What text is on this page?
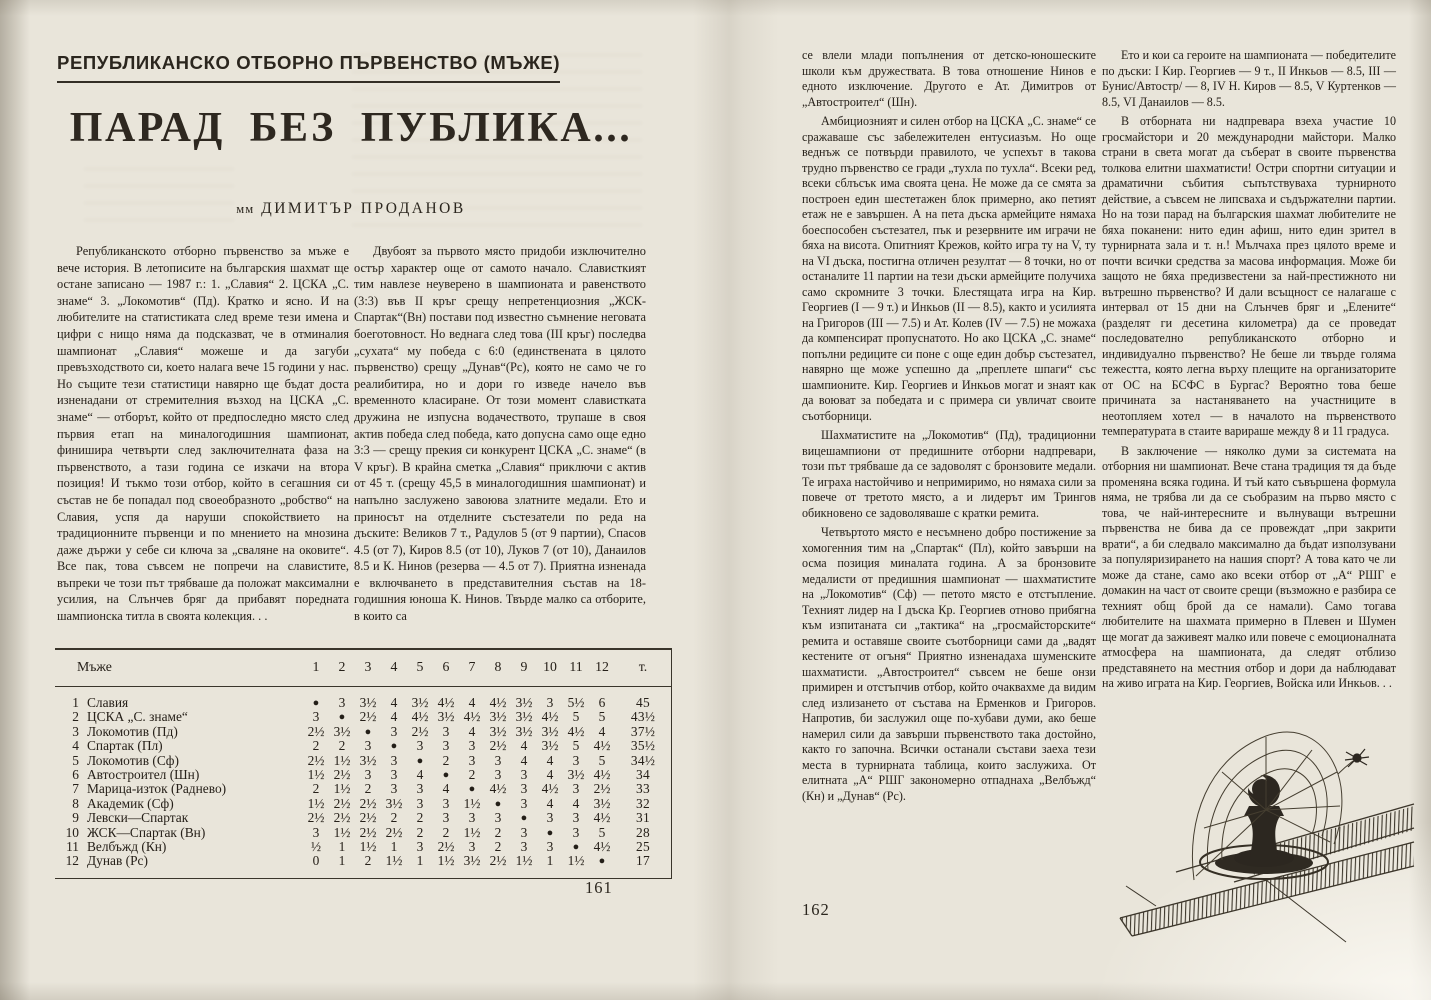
РЕПУБЛИКАНСКО ОТБОРНО ПЪРВЕНСТВО (МЪЖЕ)
ПАРАД БЕЗ ПУБЛИКА...
мм ДИМИТЪР ПРОДАНОВ

Републиканското отборно първенство за мъже е вече история. В летописите на българския шахмат ще остане записано — 1987 г.: 1. „Славия“ 2. ЦСКА „С. знаме“ 3. „Локомотив“ (Пд). Кратко и ясно. И на любителите на статистиката след време тези имена и цифри с нищо няма да подсказват, че в отминалия шампионат „Славия“ можеше и да загуби превъзходството си, което налага вече 15 години у нас. Но същите тези статистици навярно ще бъдат доста изненадани от стремителния възход на ЦСКА „С. знаме“ — отборът, който от предпоследно място след първия етап на миналогодишния шампионат, финишира четвърти след заключителната фаза на първенството, а тази година се изкачи на втора позиция! И тъкмо този отбор, който в сегашния си състав не бе попадал под своеобразното „робство“ на Славия, успя да наруши спокойствието на традиционните първенци и по мнението на мнозина даже държи у себе си ключа за „сваляне на оковите“. Все пак, това съвсем не попречи на славистите, въпреки че този път трябваше да положат максимални усилия, на Слънчев бряг да прибавят поредната шампионска титла в своята колекция. . .

Двубоят за първото място придоби изключително остър характер още от самото начало. Слависткият тим навлезе неуверено в шампионата и равенството (3:3) във II кръг срещу непретенциозния „ЖСК-Спартак“(Вн) постави под известно съмнение неговата боеготовност. Но веднага след това (III кръг) последва „сухата“ му победа с 6:0 (единствената в цялото първенство) срещу „Дунав“(Рс), която не само че го реалибитира, но и дори го изведе начело във временното класиране. От този момент славистката дружина не изпусна водачеството, трупаше в своя актив победа след победа, като допусна само още едно 3:3 — срещу прекия си конкурент ЦСКА „С. знаме“ (в V кръг). В крайна сметка „Славия“ приключи с актив от 45 т. (срещу 45,5 в миналогодишния шампионат) и напълно заслужено завоюва златните медали. Ето и приносът на отделните състезатели по реда на дъските: Великов 7 т., Радулов 5 (от 9 партии), Спасов 4.5 (от 7), Киров 8.5 (от 10), Луков 7 (от 10), Данаилов 8.5 и К. Нинов (резерва — 4.5 от 7). Приятна изненада е включването в представителния състав на 18-годишния юноша К. Нинов. Твърде малко са отборите, в които са

Мъже	1	2	3	4	5	6	7	8	9	10	11	12	т.
1 Славия	●	3	3½	4	3½	4½	4	4½	3½	3	5½	6	45
2 ЦСКА „С. знаме“	3	●	2½	4	4½	3½	4½	3½	3½	4½	5	5	43½
3 Локомотив (Пд)	2½	3½	●	3	2½	3	4	3½	3½	3½	4½	4	37½
4 Спартак (Пл)	2	2	3	●	3	3	3	2½	4	3½	5	4½	35½
5 Локомотив (Сф)	2½	1½	3½	3	●	2	3	3	4	4	3	5	34½
6 Автостроител (Шн)	1½	2½	3	3	4	●	2	3	3	4	3½	4½	34
7 Марица-изток (Раднево)	2	1½	2	3	3	4	●	4½	3	4½	3	2½	33
8 Академик (Сф)	1½	2½	2½	3½	3	3	1½	●	3	4	4	3½	32
9 Левски—Спартак	2½	2½	2½	2	2	3	3	3	●	3	3	4½	31
10 ЖСК—Спартак (Вн)	3	1½	2½	2½	2	2	1½	2	3	●	3	5	28
11 Велбъжд (Кн)	½	1	1½	1	3	2½	3	2	3	3	●	4½	25
12 Дунав (Рс)	0	1	2	1½	1	1½	3½	2½	1½	1	1½	●	17
161

се влели млади попълнения от детско-юношеските школи към дружествата. В това отношение Нинов е едното изключение. Другото е Ат. Димитров от „Автостроител“ (Шн).

Амбициозният и силен отбор на ЦСКА „С. знаме“ се сражаваше със забележителен ентусиазъм. Но още веднъж се потвърди правилото, че успехът в такова трудно първенство се гради „тухла по тухла“. Всеки ред, всеки сблъсък има своята цена. Не може да се смята за построен един шестетажен блок примерно, ако петият етаж не е завършен. А на пета дъска армейците нямаха боеспособен състезател, пък и резервните им играчи не бяха на висота. Опитният Крежов, който игра ту на V, ту на VI дъска, постигна отличен резултат — 8 точки, но от останалите 11 партии на тези дъски армейците получиха само скромните 3 точки. Блестящата игра на Кир. Георгиев (I — 9 т.) и Инкьов (II — 8.5), както и усилията на Григоров (III — 7.5) и Ат. Колев (IV — 7.5) не можаха да компенсират пропуснатото. Но ако ЦСКА „С. знаме“ попълни редиците си поне с още един добър състезател, навярно ще може успешно да „преплете шпаги“ със шампионите. Кир. Георгиев и Инкьов могат и знаят как да воюват за победата и с примера си увличат своите съотборници.

Шахматистите на „Локомотив“ (Пд), традиционни вицешампиони от предишните отборни надпревари, този път трябваше да се задоволят с бронзовите медали. Те играха настойчиво и непримиримо, но нямаха сили за повече от третото място, а и лидерът им Трингов обикновено се задоволяваше с кратки ремита.

Четвъртото място е несъмнено добро постижение за хомогенния тим на „Спартак“ (Пл), който завърши на осма позиция миналата година. А за бронзовите медалисти от предишния шампионат — шахматистите на „Локомотив“ (Сф) — петото място е отстъпление. Техният лидер на I дъска Кр. Георгиев отново прибягна към изпитаната си „тактика“ на „гросмайсторските“ ремита и оставяше своите съотборници сами да „вадят кестените от огъня“ Приятно изненадаха шуменските шахматисти. „Автостроител“ съвсем не беше онзи примирен и отстъпчив отбор, който очаквахме да видим след излизането от състава на Ерменков и Григоров. Напротив, би заслужил още по-хубави думи, ако беше намерил сили да завърши първенството така достойно, както го започна. Всички останали състави заеха тези места в турнирната таблица, които заслужиха. От елитната „А“ РШГ закономерно отпаднаха „Велбъжд“ (Кн) и „Дунав“ (Рс).

Ето и кои са героите на шампионата — победителите по дъски: I Кир. Георгиев — 9 т., II Инкьов — 8.5, III — Бунис/Автостр/ — 8, IV Н. Киров — 8.5, V Куртенков — 8.5, VI Данаилов — 8.5.

В отборната ни надпревара взеха участие 10 гросмайстори и 20 международни майстори. Малко страни в света могат да съберат в своите първенства толкова елитни шахматисти! Остри спортни ситуации и драматични събития съпътствуваха турнирното действие, а съвсем не липсваха и съдържателни партии. Но на този парад на българския шахмат любителите не бяха поканени: нито един афиш, нито един зрител в турнирната зала и т. н.! Мълчаха през цялото време и почти всички средства за масова информация. Може би защото не бяха предизвестени за най-престижното ни вътрешно първенство? И дали всъщност се налагаше с интервал от 15 дни на Слънчев бряг и „Елените“ (разделят ги десетина километра) да се проведат последователно републиканското отборно и индивидуално първенство? Не беше ли твърде голяма тежестта, която легна върху плещите на организаторите от ОС на БСФС в Бургас? Вероятно това беше причината за настаняването на участниците в неотопляем хотел — в началото на първенството температурата в стаите варираше между 8 и 11 градуса.

В заключение — няколко думи за системата на отборния ни шампионат. Вече стана традиция тя да бъде променяна всяка година. И тъй като съвършена формула няма, не трябва ли да се съобразим на първо място с това, че най-интересните и вълнуващи вътрешни първенства не бива да се провеждат „при закрити врати“, а би следвало максимално да бъдат използувани за популяризирането на нашия спорт? А това като че ли може да стане, само ако всеки отбор от „А“ РШГ е домакин на част от своите срещи (възможно е разбира се техният общ брой да се намали). Само тогава любителите на шахмата примерно в Плевен и Шумен ще могат да заживеят малко или повече с емоционалната атмосфера на шампионата, да следят отблизо представянето на местния отбор и дори да наблюдават на живо играта на Кир. Георгиев, Войска или Инкьов. . .

162
